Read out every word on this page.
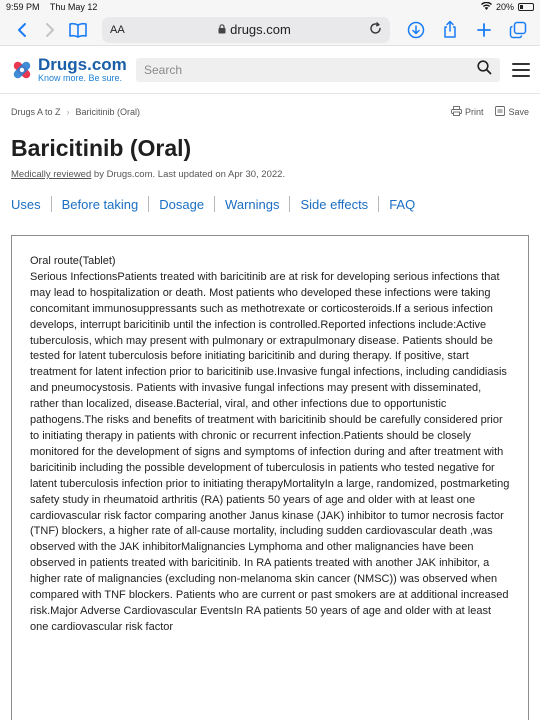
9:59 PM Thu May 12	20%
AA	drugs.com
Drugs.com
Know more. Be sure.
Search
Drugs A to Z › Baricitinib (Oral)	Print	Save
Baricitinib (Oral)
Medically reviewed by Drugs.com. Last updated on Apr 30, 2022.
Uses Before taking Dosage Warnings Side effects FAQ
Oral route(Tablet)
Serious InfectionsPatients treated with baricitinib are at risk for developing serious infections that may lead to hospitalization or death. Most patients who developed these infections were taking concomitant immunosuppressants such as methotrexate or corticosteroids.If a serious infection develops, interrupt baricitinib until the infection is controlled.Reported infections include:Active tuberculosis, which may present with pulmonary or extrapulmonary disease. Patients should be tested for latent tuberculosis before initiating baricitinib and during therapy. If positive, start treatment for latent infection prior to baricitinib use.Invasive fungal infections, including candidiasis and pneumocystosis. Patients with invasive fungal infections may present with disseminated, rather than localized, disease.Bacterial, viral, and other infections due to opportunistic pathogens.The risks and benefits of treatment with baricitinib should be carefully considered prior to initiating therapy in patients with chronic or recurrent infection.Patients should be closely monitored for the development of signs and symptoms of infection during and after treatment with baricitinib including the possible development of tuberculosis in patients who tested negative for latent tuberculosis infection prior to initiating therapyMortalityIn a large, randomized, postmarketing safety study in rheumatoid arthritis (RA) patients 50 years of age and older with at least one cardiovascular risk factor comparing another Janus kinase (JAK) inhibitor to tumor necrosis factor (TNF) blockers, a higher rate of all-cause mortality, including sudden cardiovascular death ,was observed with the JAK inhibitorMalignancies Lymphoma and other malignancies have been observed in patients treated with baricitinib. In RA patients treated with another JAK inhibitor, a higher rate of malignancies (excluding non-melanoma skin cancer (NMSC)) was observed when compared with TNF blockers. Patients who are current or past smokers are at additional increased risk.Major Adverse Cardiovascular EventsIn RA patients 50 years of age and older with at least one cardiovascular risk factor
